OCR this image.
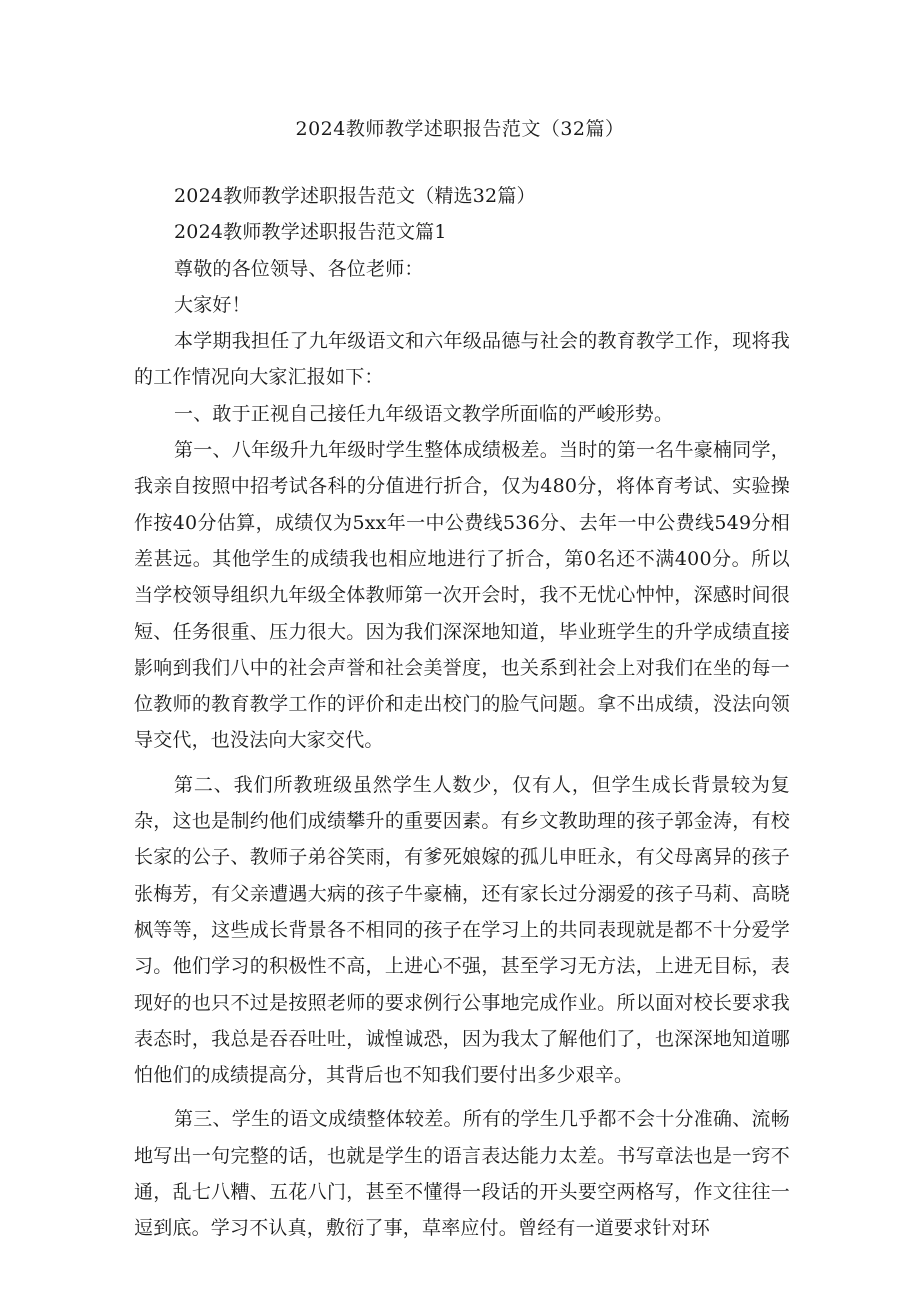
2024教师教学述职报告范文（32篇）

2024教师教学述职报告范文（精选32篇）

2024教师教学述职报告范文篇1

尊敬的各位领导、各位老师：

大家好！

本学期我担任了九年级语文和六年级品德与社会的教育教学工作，现将我的工作情况向大家汇报如下：

一、敢于正视自己接任九年级语文教学所面临的严峻形势。

第一、八年级升九年级时学生整体成绩极差。当时的第一名牛豪楠同学，我亲自按照中招考试各科的分值进行折合，仅为480分，将体育考试、实验操作按40分估算，成绩仅为5xx年一中公费线536分、去年一中公费线549分相差甚远。其他学生的成绩我也相应地进行了折合，第0名还不满400分。所以当学校领导组织九年级全体教师第一次开会时，我不无忧心忡忡，深感时间很短、任务很重、压力很大。因为我们深深地知道，毕业班学生的升学成绩直接影响到我们八中的社会声誉和社会美誉度，也关系到社会上对我们在坐的每一位教师的教育教学工作的评价和走出校门的脸气问题。拿不出成绩，没法向领导交代，也没法向大家交代。

第二、我们所教班级虽然学生人数少，仅有人，但学生成长背景较为复杂，这也是制约他们成绩攀升的重要因素。有乡文教助理的孩子郭金涛，有校长家的公子、教师子弟谷笑雨，有爹死娘嫁的孤儿申旺永，有父母离异的孩子张梅芳，有父亲遭遇大病的孩子牛豪楠，还有家长过分溺爱的孩子马莉、高晓枫等等，这些成长背景各不相同的孩子在学习上的共同表现就是都不十分爱学习。他们学习的积极性不高，上进心不强，甚至学习无方法，上进无目标，表现好的也只不过是按照老师的要求例行公事地完成作业。所以面对校长要求我表态时，我总是吞吞吐吐，诚惶诚恐，因为我太了解他们了，也深深地知道哪怕他们的成绩提高分，其背后也不知我们要付出多少艰辛。

第三、学生的语文成绩整体较差。所有的学生几乎都不会十分准确、流畅地写出一句完整的话，也就是学生的语言表达能力太差。书写章法也是一窍不通，乱七八糟、五花八门，甚至不懂得一段话的开头要空两格写，作文往往一逗到底。学习不认真，敷衍了事，草率应付。曾经有一道要求针对环
